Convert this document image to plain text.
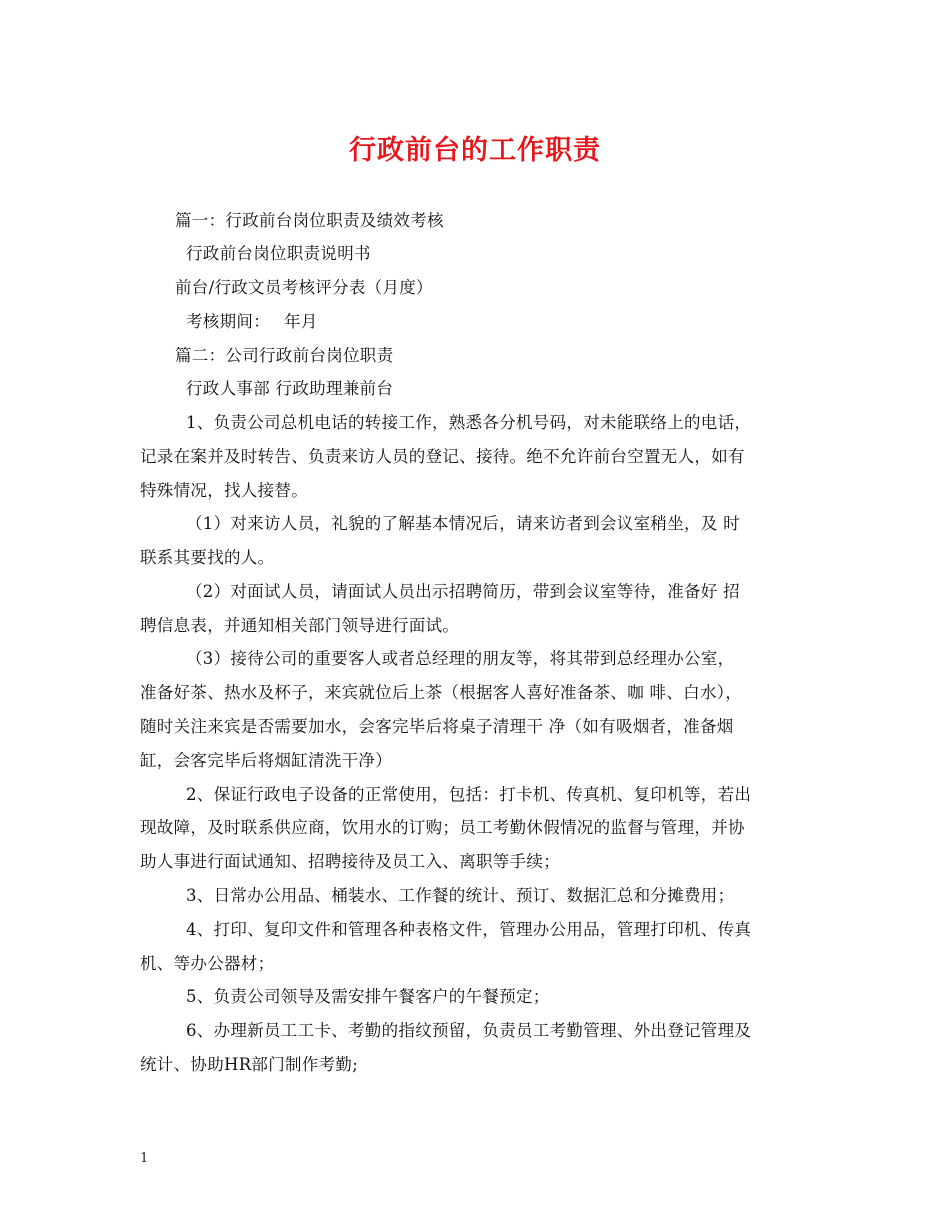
行政前台的工作职责
篇一：行政前台岗位职责及绩效考核
行政前台岗位职责说明书
前台/行政文员考核评分表（月度）
考核期间：　 年月
篇二：公司行政前台岗位职责
行政人事部 行政助理兼前台
1、负责公司总机电话的转接工作，熟悉各分机号码，对未能联络上的电话，
记录在案并及时转告、负责来访人员的登记、接待。绝不允许前台空置无人，如有
特殊情况，找人接替。
（1）对来访人员，礼貌的了解基本情况后，请来访者到会议室稍坐，及 时
联系其要找的人。
（2）对面试人员，请面试人员出示招聘简历，带到会议室等待，准备好 招
聘信息表，并通知相关部门领导进行面试。
（3）接待公司的重要客人或者总经理的朋友等，将其带到总经理办公室，
准备好茶、热水及杯子，来宾就位后上茶（根据客人喜好准备茶、咖 啡、白水），
随时关注来宾是否需要加水，会客完毕后将桌子清理干 净（如有吸烟者，准备烟
缸，会客完毕后将烟缸清洗干净）
2、保证行政电子设备的正常使用，包括：打卡机、传真机、复印机等，若出
现故障，及时联系供应商，饮用水的订购；员工考勤休假情况的监督与管理，并协
助人事进行面试通知、招聘接待及员工入、离职等手续；
3、日常办公用品、桶装水、工作餐的统计、预订、数据汇总和分摊费用；
4、打印、复印文件和管理各种表格文件，管理办公用品，管理打印机、传真
机、等办公器材；
5、负责公司领导及需安排午餐客户的午餐预定；
6、办理新员工工卡、考勤的指纹预留，负责员工考勤管理、外出登记管理及
统计、协助HR部门制作考勤;
1
